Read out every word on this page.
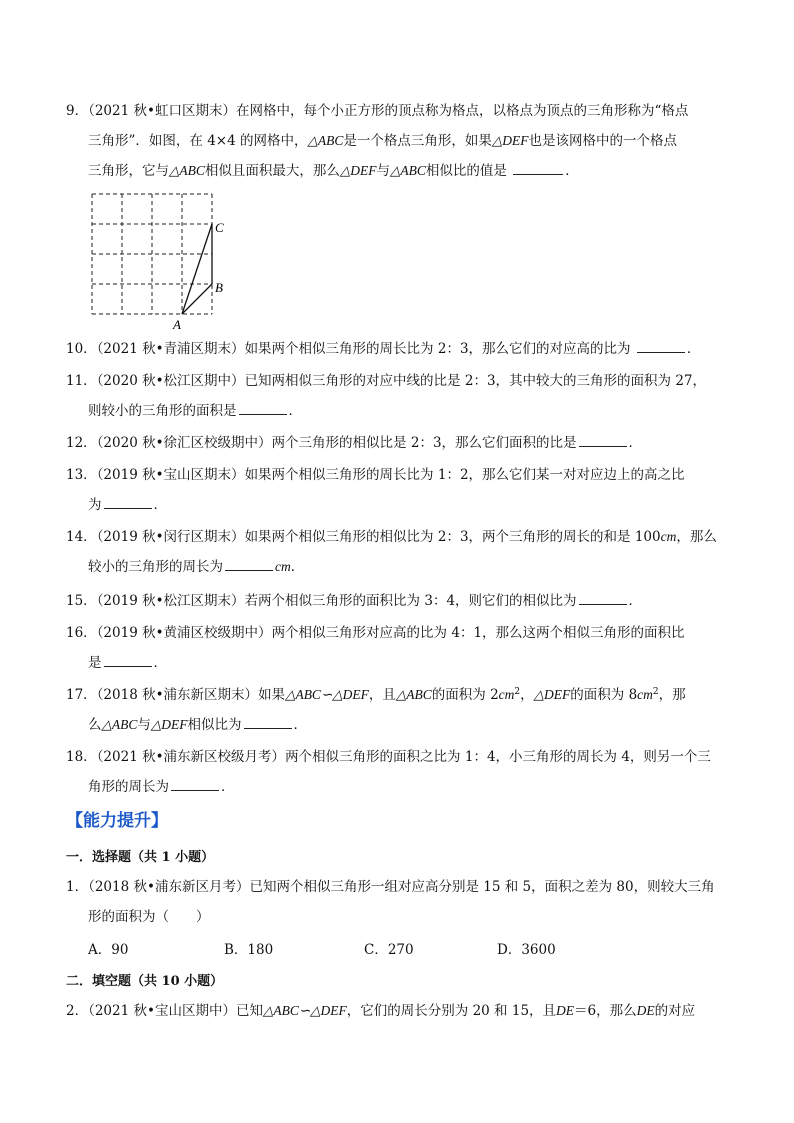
9．（2021 秋•虹口区期末）在网格中，每个小正方形的顶点称为格点，以格点为顶点的三角形称为“格点
三角形”．如图，在 4×4 的网格中，△ABC是一个格点三角形，如果△DEF也是该网格中的一个格点
三角形，它与△ABC相似且面积最大，那么△DEF与△ABC相似比的值是	．
A
B
C
10．（2021 秋•青浦区期末）如果两个相似三角形的周长比为 2：3，那么它们的对应高的比为	．
11．（2020 秋•松江区期中）已知两相似三角形的对应中线的比是 2：3，其中较大的三角形的面积为 27，
则较小的三角形的面积是	．
12．（2020 秋•徐汇区校级期中）两个三角形的相似比是 2：3，那么它们面积的比是	．
13．（2019 秋•宝山区期末）如果两个相似三角形的周长比为 1：2，那么它们某一对对应边上的高之比
为	．
14．（2019 秋•闵行区期末）如果两个相似三角形的相似比为 2：3，两个三角形的周长的和是 100cm，那么
较小的三角形的周长为	cm．
15．（2019 秋•松江区期末）若两个相似三角形的面积比为 3：4，则它们的相似比为	．
16．（2019 秋•黄浦区校级期中）两个相似三角形对应高的比为 4：1，那么这两个相似三角形的面积比
是	．
17．（2018 秋•浦东新区期末）如果△ABC∽△DEF，且△ABC的面积为 $2cm^2$，△DEF的面积为 $8cm^2$，那
么△ABC与△DEF相似比为	．
18．（2021 秋•浦东新区校级月考）两个相似三角形的面积之比为 1：4，小三角形的周长为 4，则另一个三
角形的周长为	．
【能力提升】
一．选择题（共 1 小题）
1．（2018 秋•浦东新区月考）已知两个相似三角形一组对应高分别是 15 和 5，面积之差为 80，则较大三角
形的面积为（　　）
A．90	B．180	C．270	D．3600
二．填空题（共 10 小题）
2．（2021 秋•宝山区期中）已知△ABC∽△DEF，它们的周长分别为 20 和 15，且DE＝6，那么DE的对应
